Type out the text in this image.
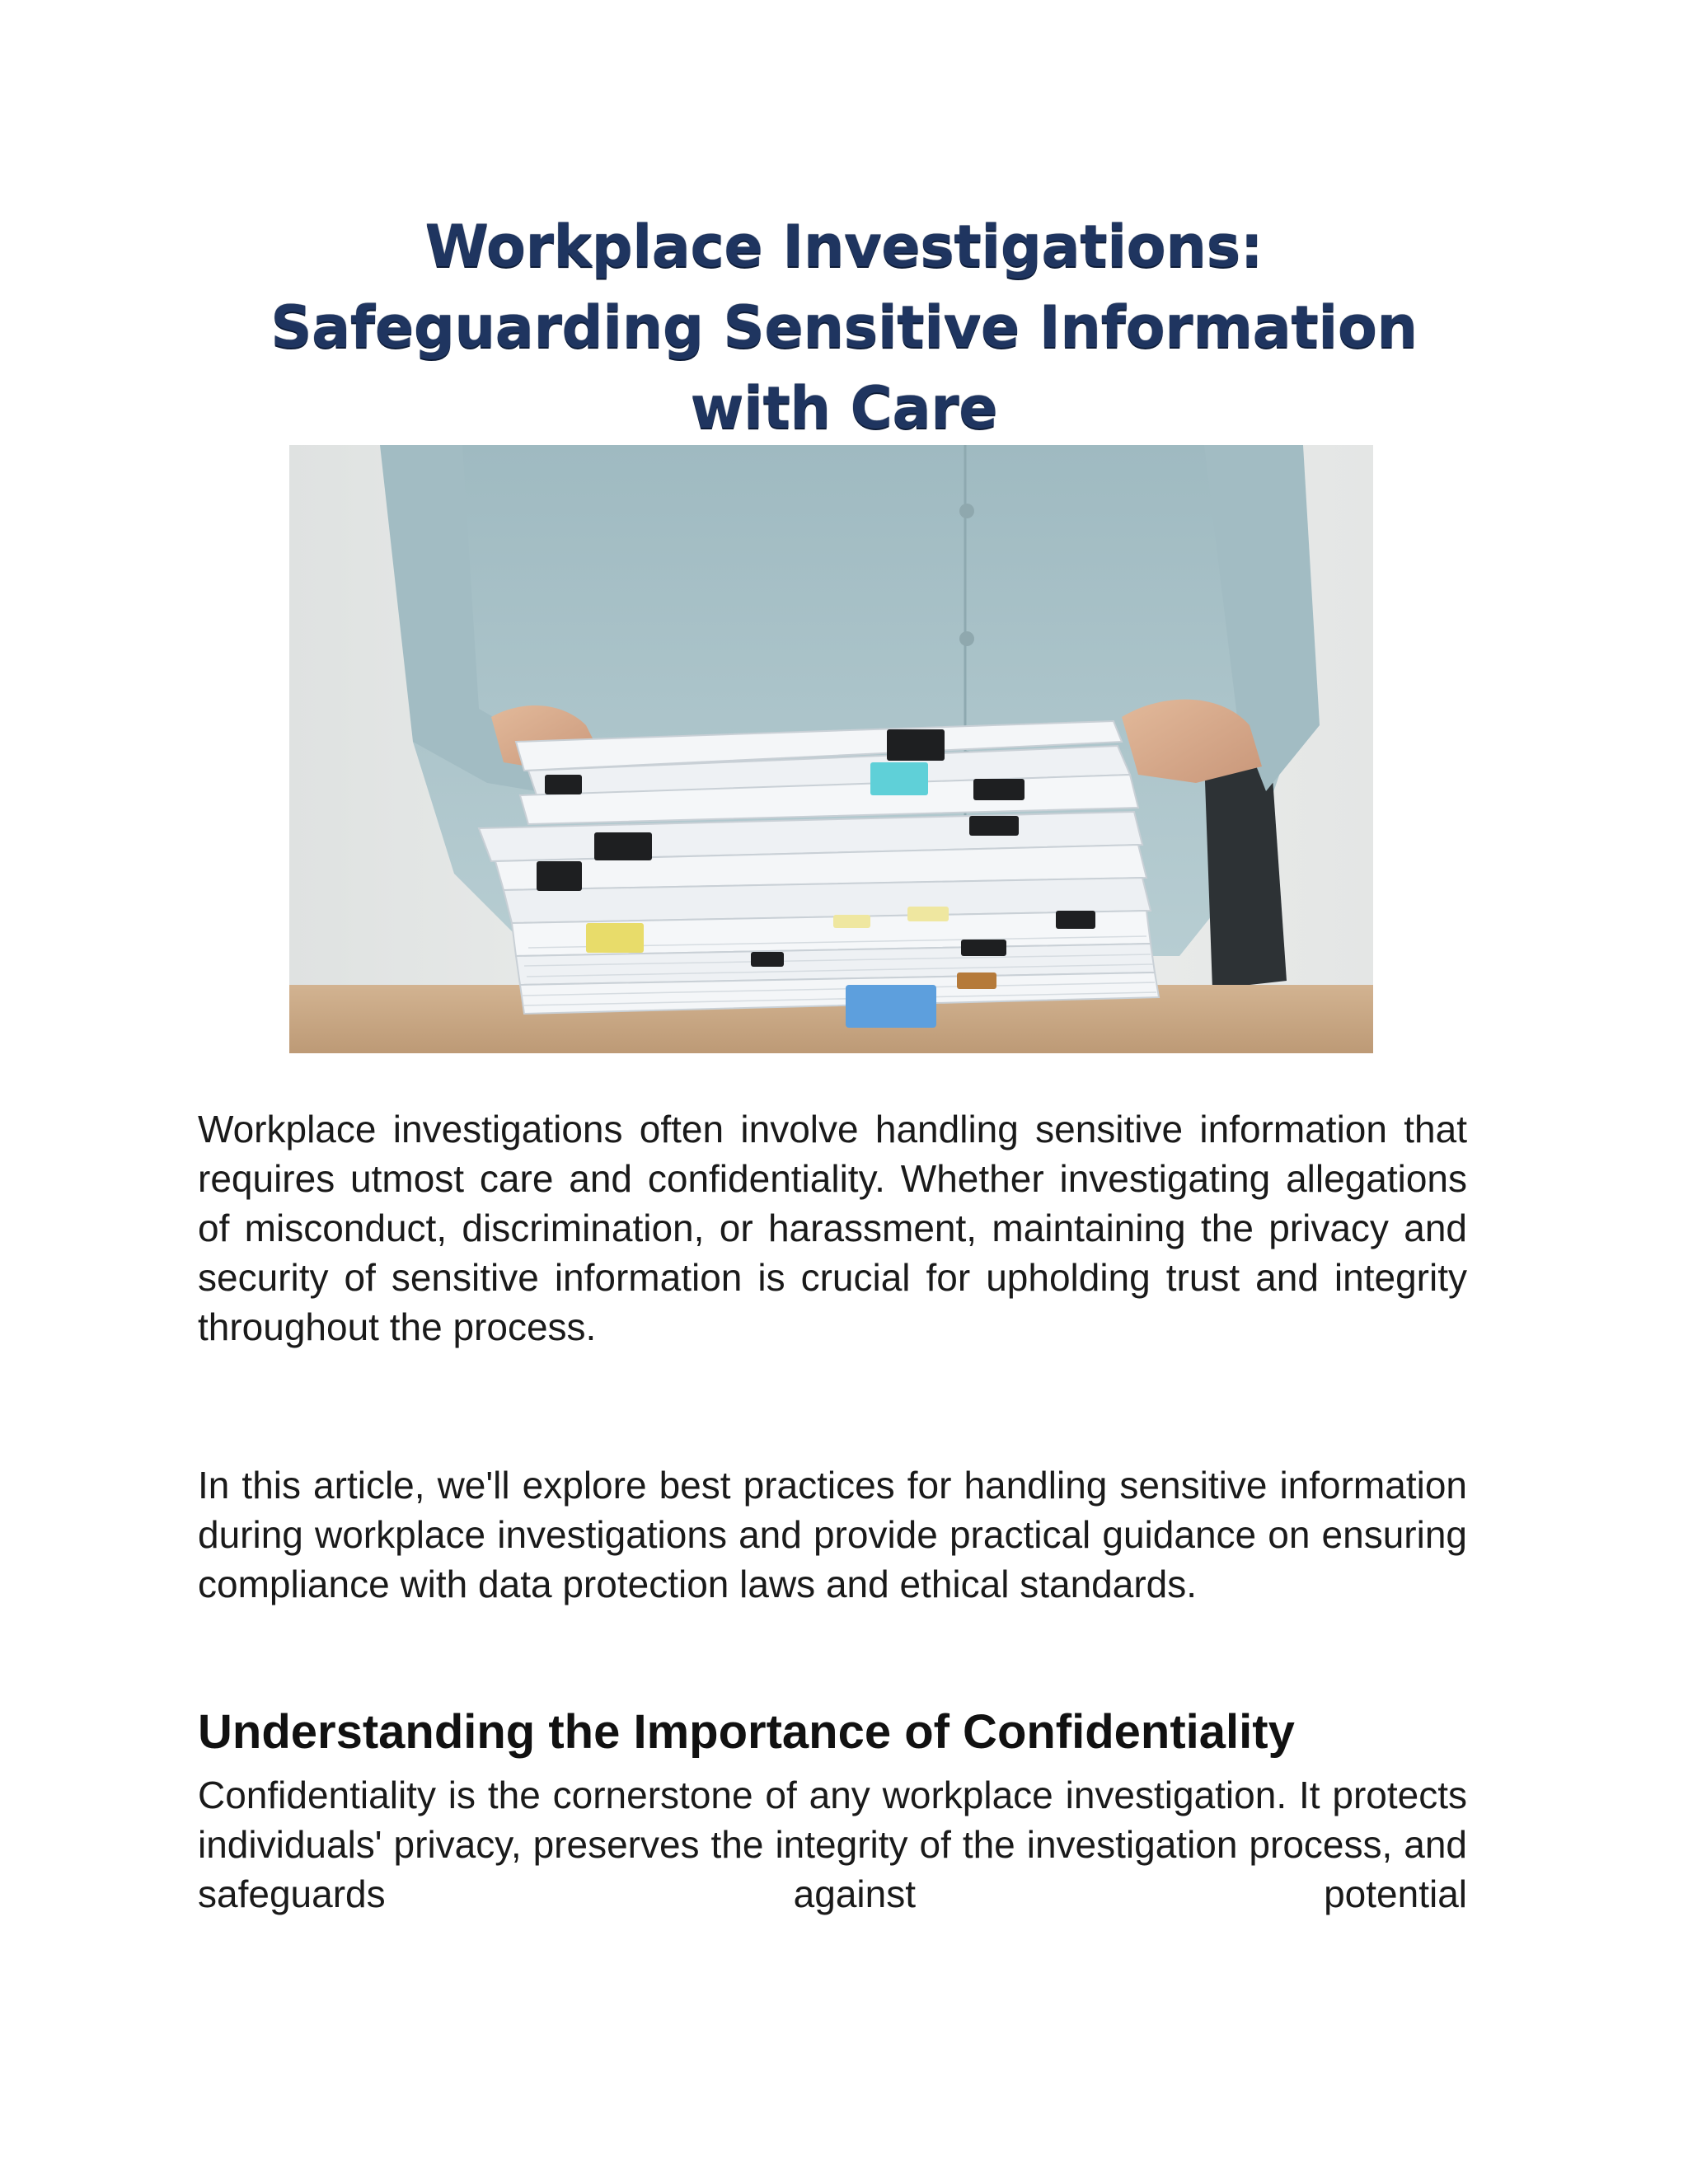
Workplace Investigations:
Safeguarding Sensitive Information
with Care

Workplace investigations often involve handling sensitive information that requires utmost care and confidentiality. Whether investigating allegations of misconduct, discrimination, or harassment, maintaining the privacy and security of sensitive information is crucial for upholding trust and integrity throughout the process.

In this article, we'll explore best practices for handling sensitive information during workplace investigations and provide practical guidance on ensuring compliance with data protection laws and ethical standards.

Understanding the Importance of Confidentiality

Confidentiality is the cornerstone of any workplace investigation. It protects individuals' privacy, preserves the integrity of the investigation process, and safeguards against potential
